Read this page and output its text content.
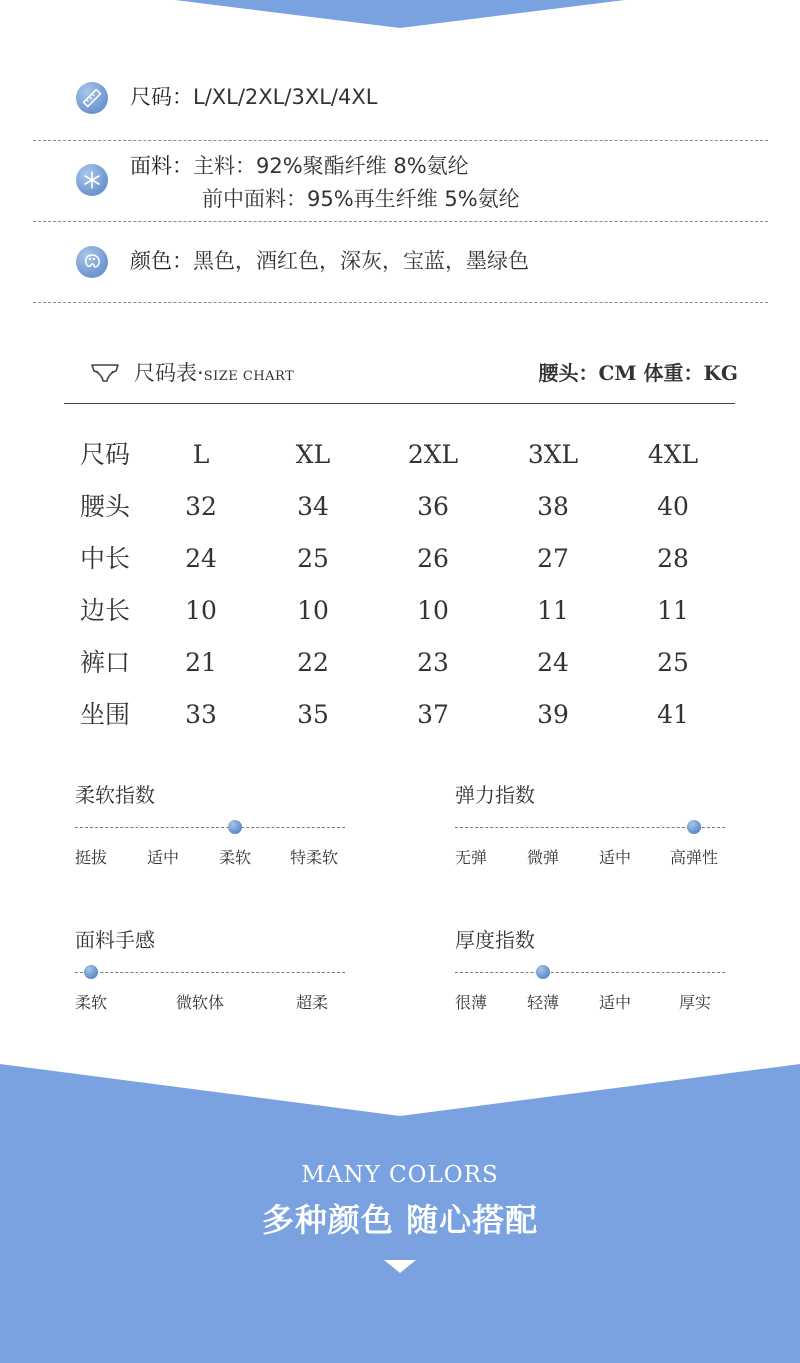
尺码：L/XL/2XL/3XL/4XL
面料：主料：92%聚酯纤维 8%氨纶
前中面料：95%再生纤维 5%氨纶
颜色：黑色，酒红色，深灰，宝蓝，墨绿色
尺码表·SIZE CHART	腰头：CM 体重：KG
尺码	L	XL	2XL	3XL	4XL
腰头	32	34	36	38	40
中长	24	25	26	27	28
边长	10	10	10	11	11
裤口	21	22	23	24	25
坐围	33	35	37	39	41
柔软指数
挺拔 适中 柔软 特柔软
弹力指数
无弹 微弹 适中 高弹性
面料手感
柔软	微软体	超柔
厚度指数
很薄 轻薄 适中	厚实
MANY COLORS
多种颜色 随心搭配
